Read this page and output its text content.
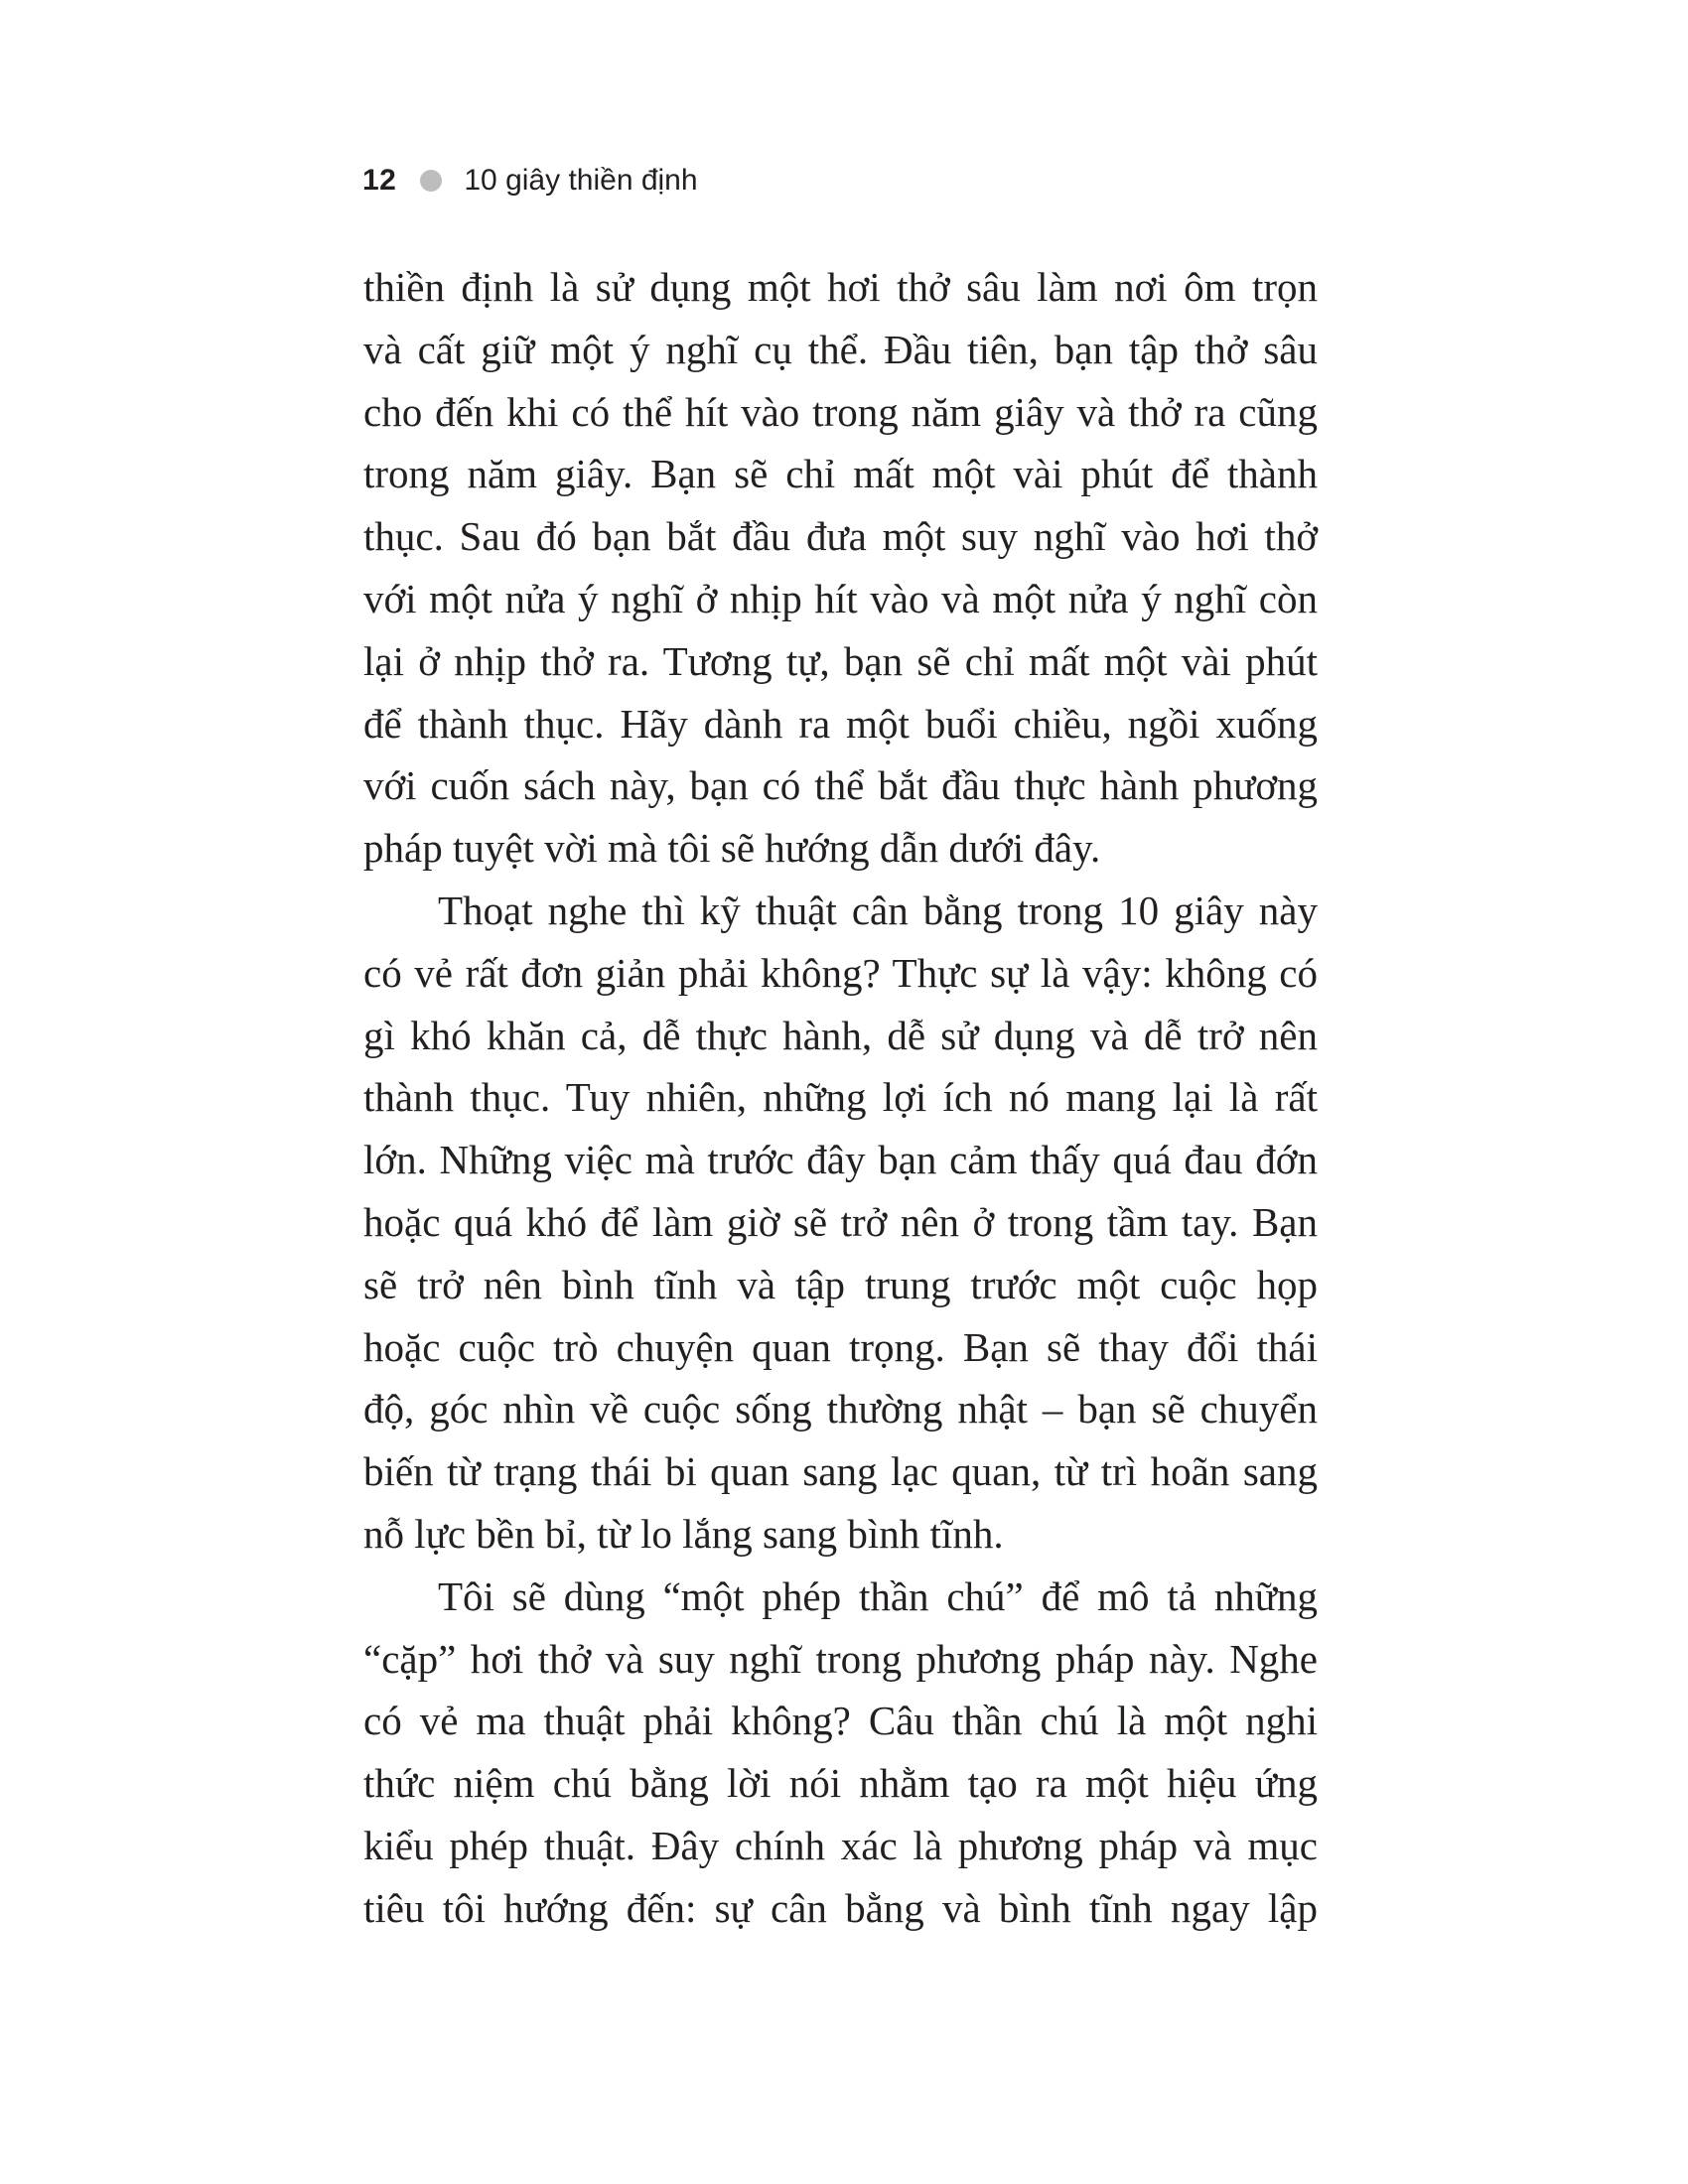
12 10 giây thiền định
thiền định là sử dụng một hơi thở sâu làm nơi ôm trọn
và cất giữ một ý nghĩ cụ thể. Đầu tiên, bạn tập thở sâu
cho đến khi có thể hít vào trong năm giây và thở ra cũng
trong năm giây. Bạn sẽ chỉ mất một vài phút để thành
thục. Sau đó bạn bắt đầu đưa một suy nghĩ vào hơi thở
với một nửa ý nghĩ ở nhịp hít vào và một nửa ý nghĩ còn
lại ở nhịp thở ra. Tương tự, bạn sẽ chỉ mất một vài phút
để thành thục. Hãy dành ra một buổi chiều, ngồi xuống
với cuốn sách này, bạn có thể bắt đầu thực hành phương
pháp tuyệt vời mà tôi sẽ hướng dẫn dưới đây.
Thoạt nghe thì kỹ thuật cân bằng trong 10 giây này
có vẻ rất đơn giản phải không? Thực sự là vậy: không có
gì khó khăn cả, dễ thực hành, dễ sử dụng và dễ trở nên
thành thục. Tuy nhiên, những lợi ích nó mang lại là rất
lớn. Những việc mà trước đây bạn cảm thấy quá đau đớn
hoặc quá khó để làm giờ sẽ trở nên ở trong tầm tay. Bạn
sẽ trở nên bình tĩnh và tập trung trước một cuộc họp
hoặc cuộc trò chuyện quan trọng. Bạn sẽ thay đổi thái
độ, góc nhìn về cuộc sống thường nhật – bạn sẽ chuyển
biến từ trạng thái bi quan sang lạc quan, từ trì hoãn sang
nỗ lực bền bỉ, từ lo lắng sang bình tĩnh.
Tôi sẽ dùng “một phép thần chú” để mô tả những
“cặp” hơi thở và suy nghĩ trong phương pháp này. Nghe
có vẻ ma thuật phải không? Câu thần chú là một nghi
thức niệm chú bằng lời nói nhằm tạo ra một hiệu ứng
kiểu phép thuật. Đây chính xác là phương pháp và mục
tiêu tôi hướng đến: sự cân bằng và bình tĩnh ngay lập
